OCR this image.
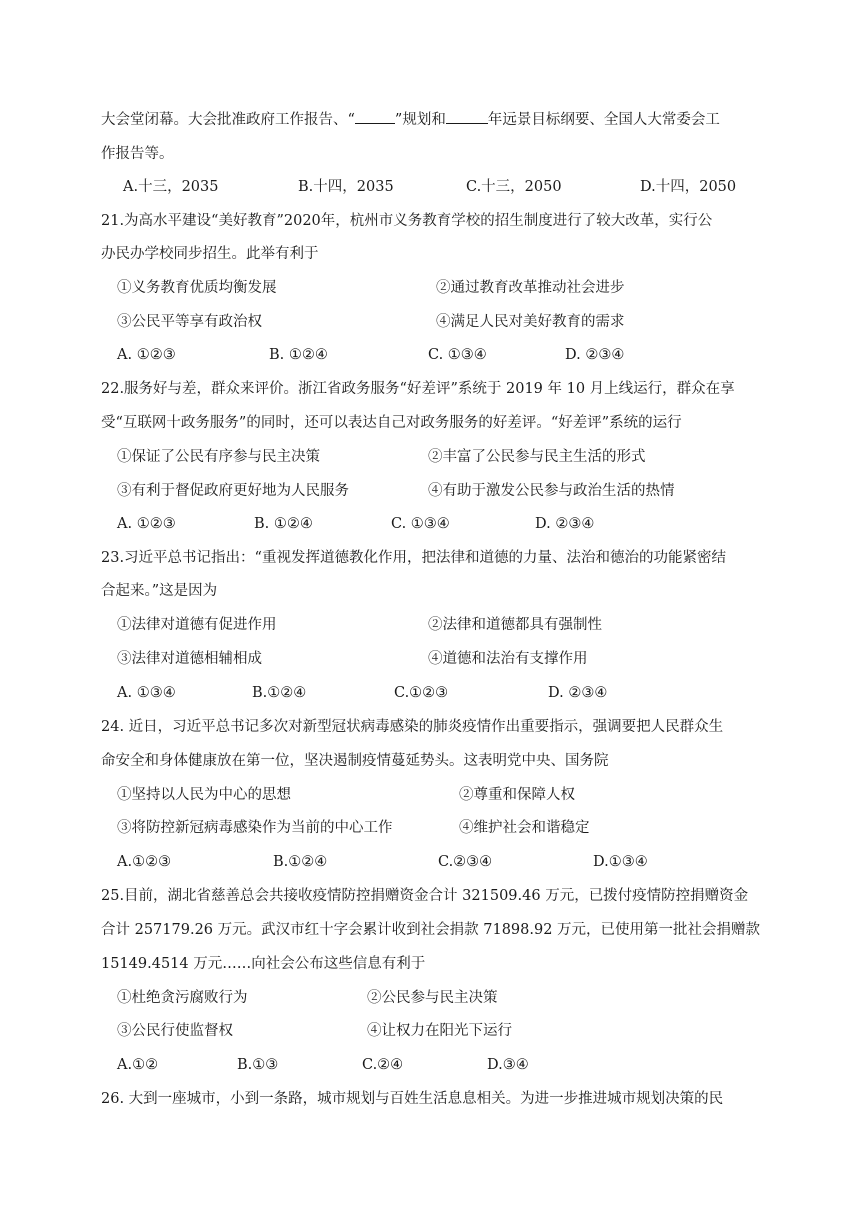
大会堂闭幕。大会批准政府工作报告、“	”规划和	年远景目标纲要、全国人大常委会工
作报告等。
A.十三，2035	B.十四，2035	C.十三，2050	D.十四，2050
21.为高水平建设“美好教育”2020年，杭州市义务教育学校的招生制度进行了较大改革，实行公
办民办学校同步招生。此举有利于
①义务教育优质均衡发展	②通过教育改革推动社会进步
③公民平等享有政治权	④满足人民对美好教育的需求
A. ①②③	B. ①②④	C. ①③④	D. ②③④
22.服务好与差，群众来评价。浙江省政务服务“好差评”系统于 2019 年 10 月上线运行，群众在享
受“互联网十政务服务”的同时，还可以表达自己对政务服务的好差评。“好差评”系统的运行
①保证了公民有序参与民主决策	②丰富了公民参与民主生活的形式
③有利于督促政府更好地为人民服务	④有助于激发公民参与政治生活的热情
A. ①②③	B. ①②④	C. ①③④	D. ②③④
23.习近平总书记指出：“重视发挥道德教化作用，把法律和道德的力量、法治和德治的功能紧密结
合起来。”这是因为
①法律对道德有促进作用	②法律和道德都具有强制性
③法律对道德相辅相成	④道德和法治有支撑作用
A. ①③④	B.①②④	C.①②③	D. ②③④
24. 近日，习近平总书记多次对新型冠状病毒感染的肺炎疫情作出重要指示，强调要把人民群众生
命安全和身体健康放在第一位，坚决遏制疫情蔓延势头。这表明党中央、国务院
①坚持以人民为中心的思想	②尊重和保障人权
③将防控新冠病毒感染作为当前的中心工作	④维护社会和谐稳定
A.①②③	B.①②④	C.②③④	D.①③④
25.目前，湖北省慈善总会共接收疫情防控捐赠资金合计 321509.46 万元，已拨付疫情防控捐赠资金
合计 257179.26 万元。武汉市红十字会累计收到社会捐款 71898.92 万元，已使用第一批社会捐赠款
15149.4514 万元……向社会公布这些信息有利于
①杜绝贪污腐败行为	②公民参与民主决策
③公民行使监督权	④让权力在阳光下运行
A.①②	B.①③	C.②④	D.③④
26. 大到一座城市，小到一条路，城市规划与百姓生活息息相关。为进一步推进城市规划决策的民
